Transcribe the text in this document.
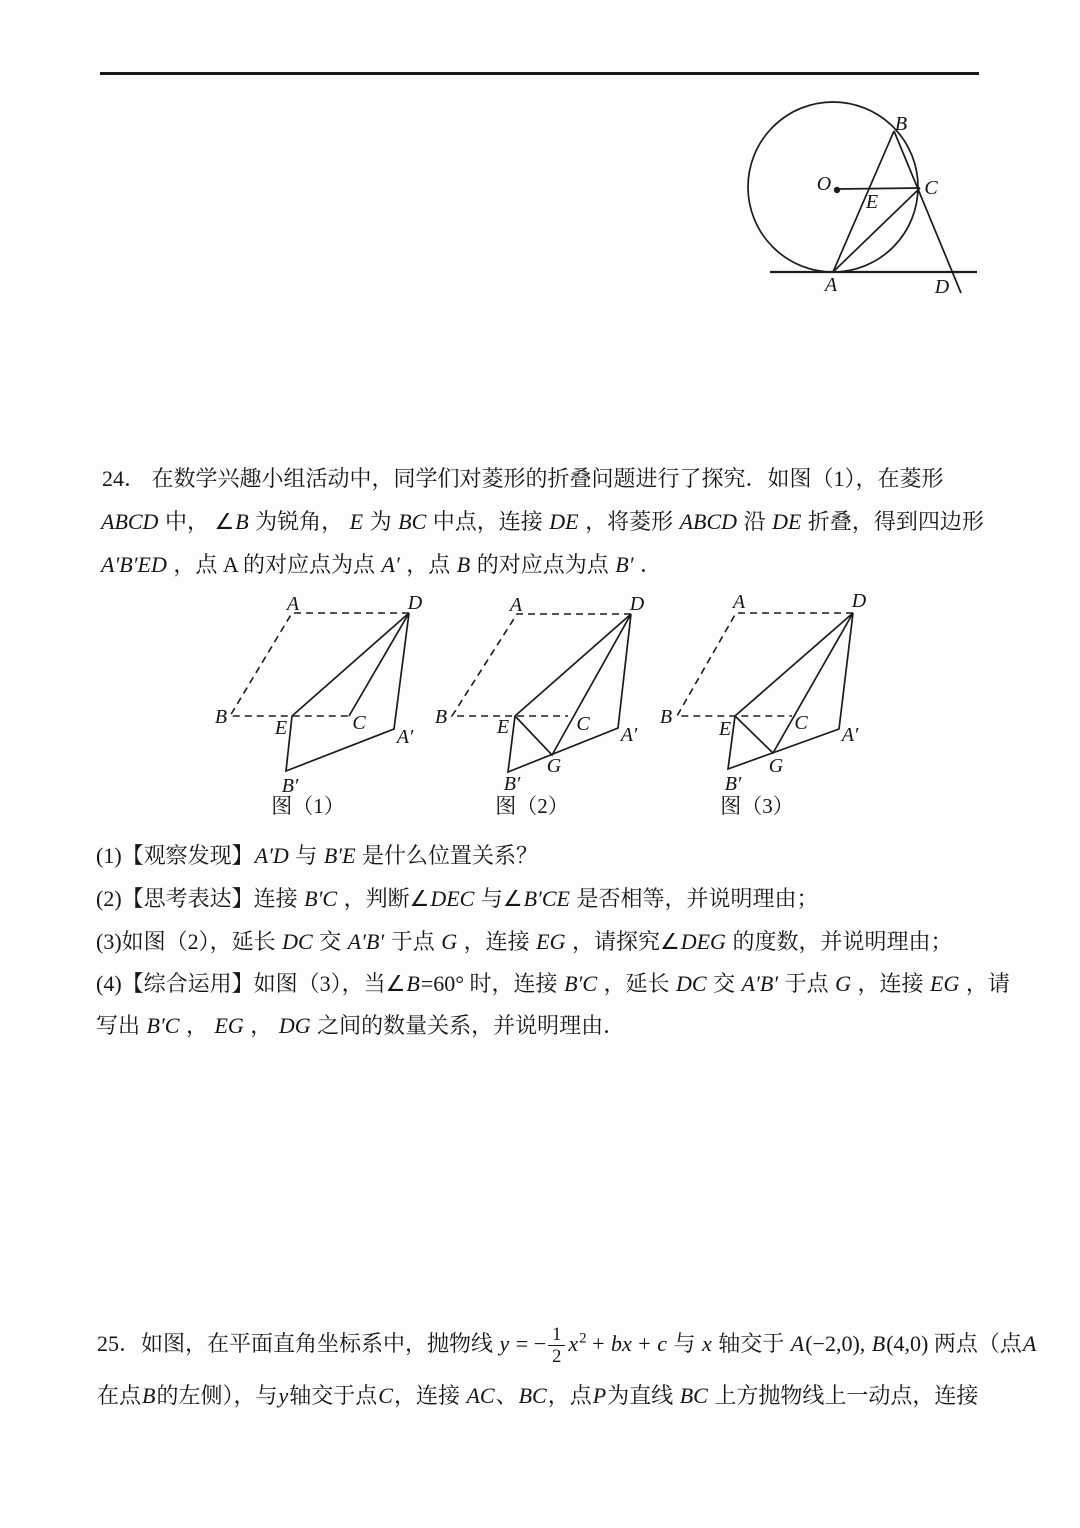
O
B
C
E
A	D
24． 在数学兴趣小组活动中，同学们对菱形的折叠问题进行了探究．如图（1），在菱形
ABCD 中， ∠B 为锐角， E 为 BC 中点，连接 DE ，将菱形 ABCD 沿 DE 折叠，得到四边形
A′B′ED ，点 A 的对应点为点 A′ ，点 B 的对应点为点 B′ ．
A	D
B E	C
A′
B′
图（1）
A	D
B E	C
G
A′
B′
图（2）
A	D
B
E	C
G
A′
B′
图（3）
(1)【观察发现】A′D 与 B′E 是什么位置关系？
(2)【思考表达】连接 B′C ，判断∠DEC 与∠B′CE 是否相等，并说明理由；
(3)如图（2），延长 DC 交 A′B′ 于点 G ，连接 EG ，请探究∠DEG 的度数，并说明理由；
(4)【综合运用】如图（3），当∠B=60° 时，连接 B′C ，延长 DC 交 A′B′ 于点 G ，连接 EG ，请
写出 B′C ， EG ， DG 之间的数量关系，并说明理由．
25．如图，在平面直角坐标系中，抛物线 y = − $\frac{1}{2} x^2$ + bx + c 与 x 轴交于 A(−2,0), B(4,0) 两点（点A
在点B的左侧），与y轴交于点C，连接 AC、BC，点P为直线 BC 上方抛物线上一动点，连接
